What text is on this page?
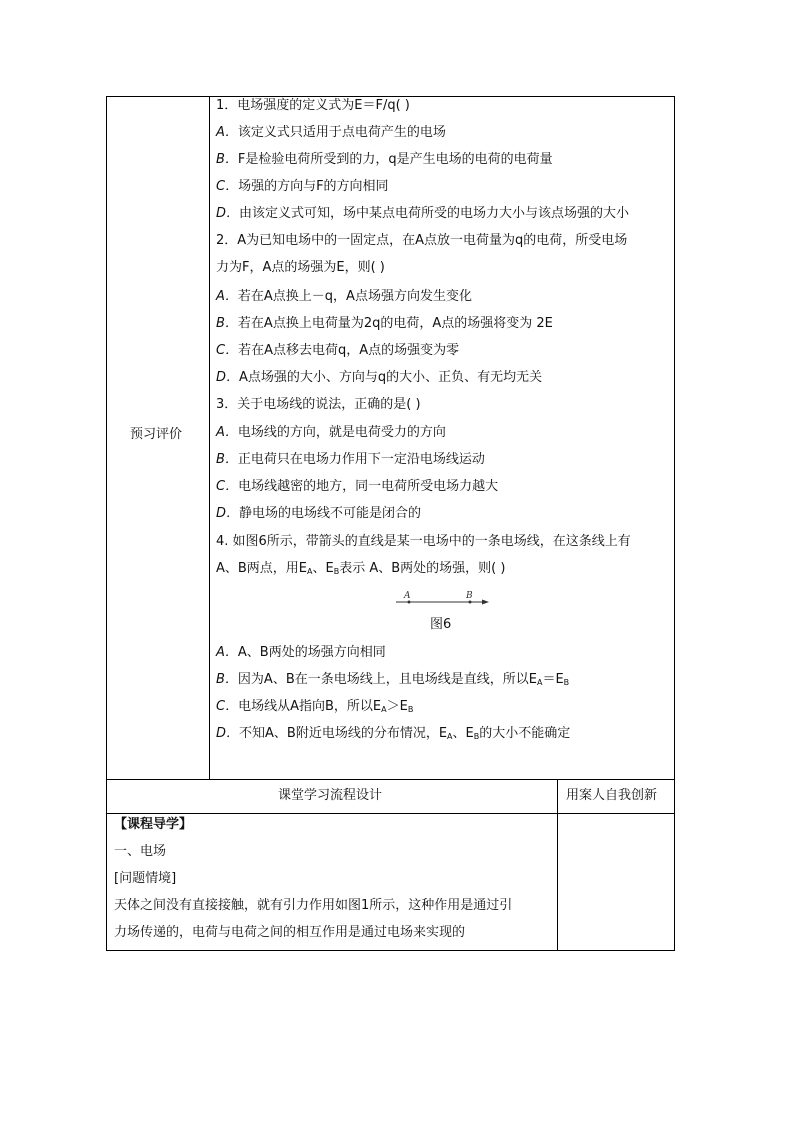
预习评价
1．电场强度的定义式为E＝F/q( )
A．该定义式只适用于点电荷产生的电场
B．F是检验电荷所受到的力，q是产生电场的电荷的电荷量
C．场强的方向与F的方向相同
D．由该定义式可知，场中某点电荷所受的电场力大小与该点场强的大小
2．A为已知电场中的一固定点，在A点放一电荷量为q的电荷，所受电场
力为F，A点的场强为E，则( )
A．若在A点换上－q，A点场强方向发生变化
B．若在A点换上电荷量为2q的电荷，A点的场强将变为 2E
C．若在A点移去电荷q，A点的场强变为零
D．A点场强的大小、方向与q的大小、正负、有无均无关
3．关于电场线的说法，正确的是( )
A．电场线的方向，就是电荷受力的方向
B．正电荷只在电场力作用下一定沿电场线运动
C．电场线越密的地方，同一电荷所受电场力越大
D．静电场的电场线不可能是闭合的
4. 如图6所示，带箭头的直线是某一电场中的一条电场线，在这条线上有
A、B两点，用$E_A$、$E_B$表示 A、B两处的场强，则( )
A	B
图6
A．A、B两处的场强方向相同
B．因为A、B在一条电场线上，且电场线是直线，所以$E_A=E_B$
C．电场线从A指向B，所以$E_A>E_B$
D．不知A、B附近电场线的分布情况，$E_A$、$E_B$的大小不能确定
课堂学习流程设计	用案人自我创新
【课程导学】
一、电场
[问题情境]
天体之间没有直接接触，就有引力作用如图1所示，这种作用是通过引
力场传递的，电荷与电荷之间的相互作用是通过电场来实现的
